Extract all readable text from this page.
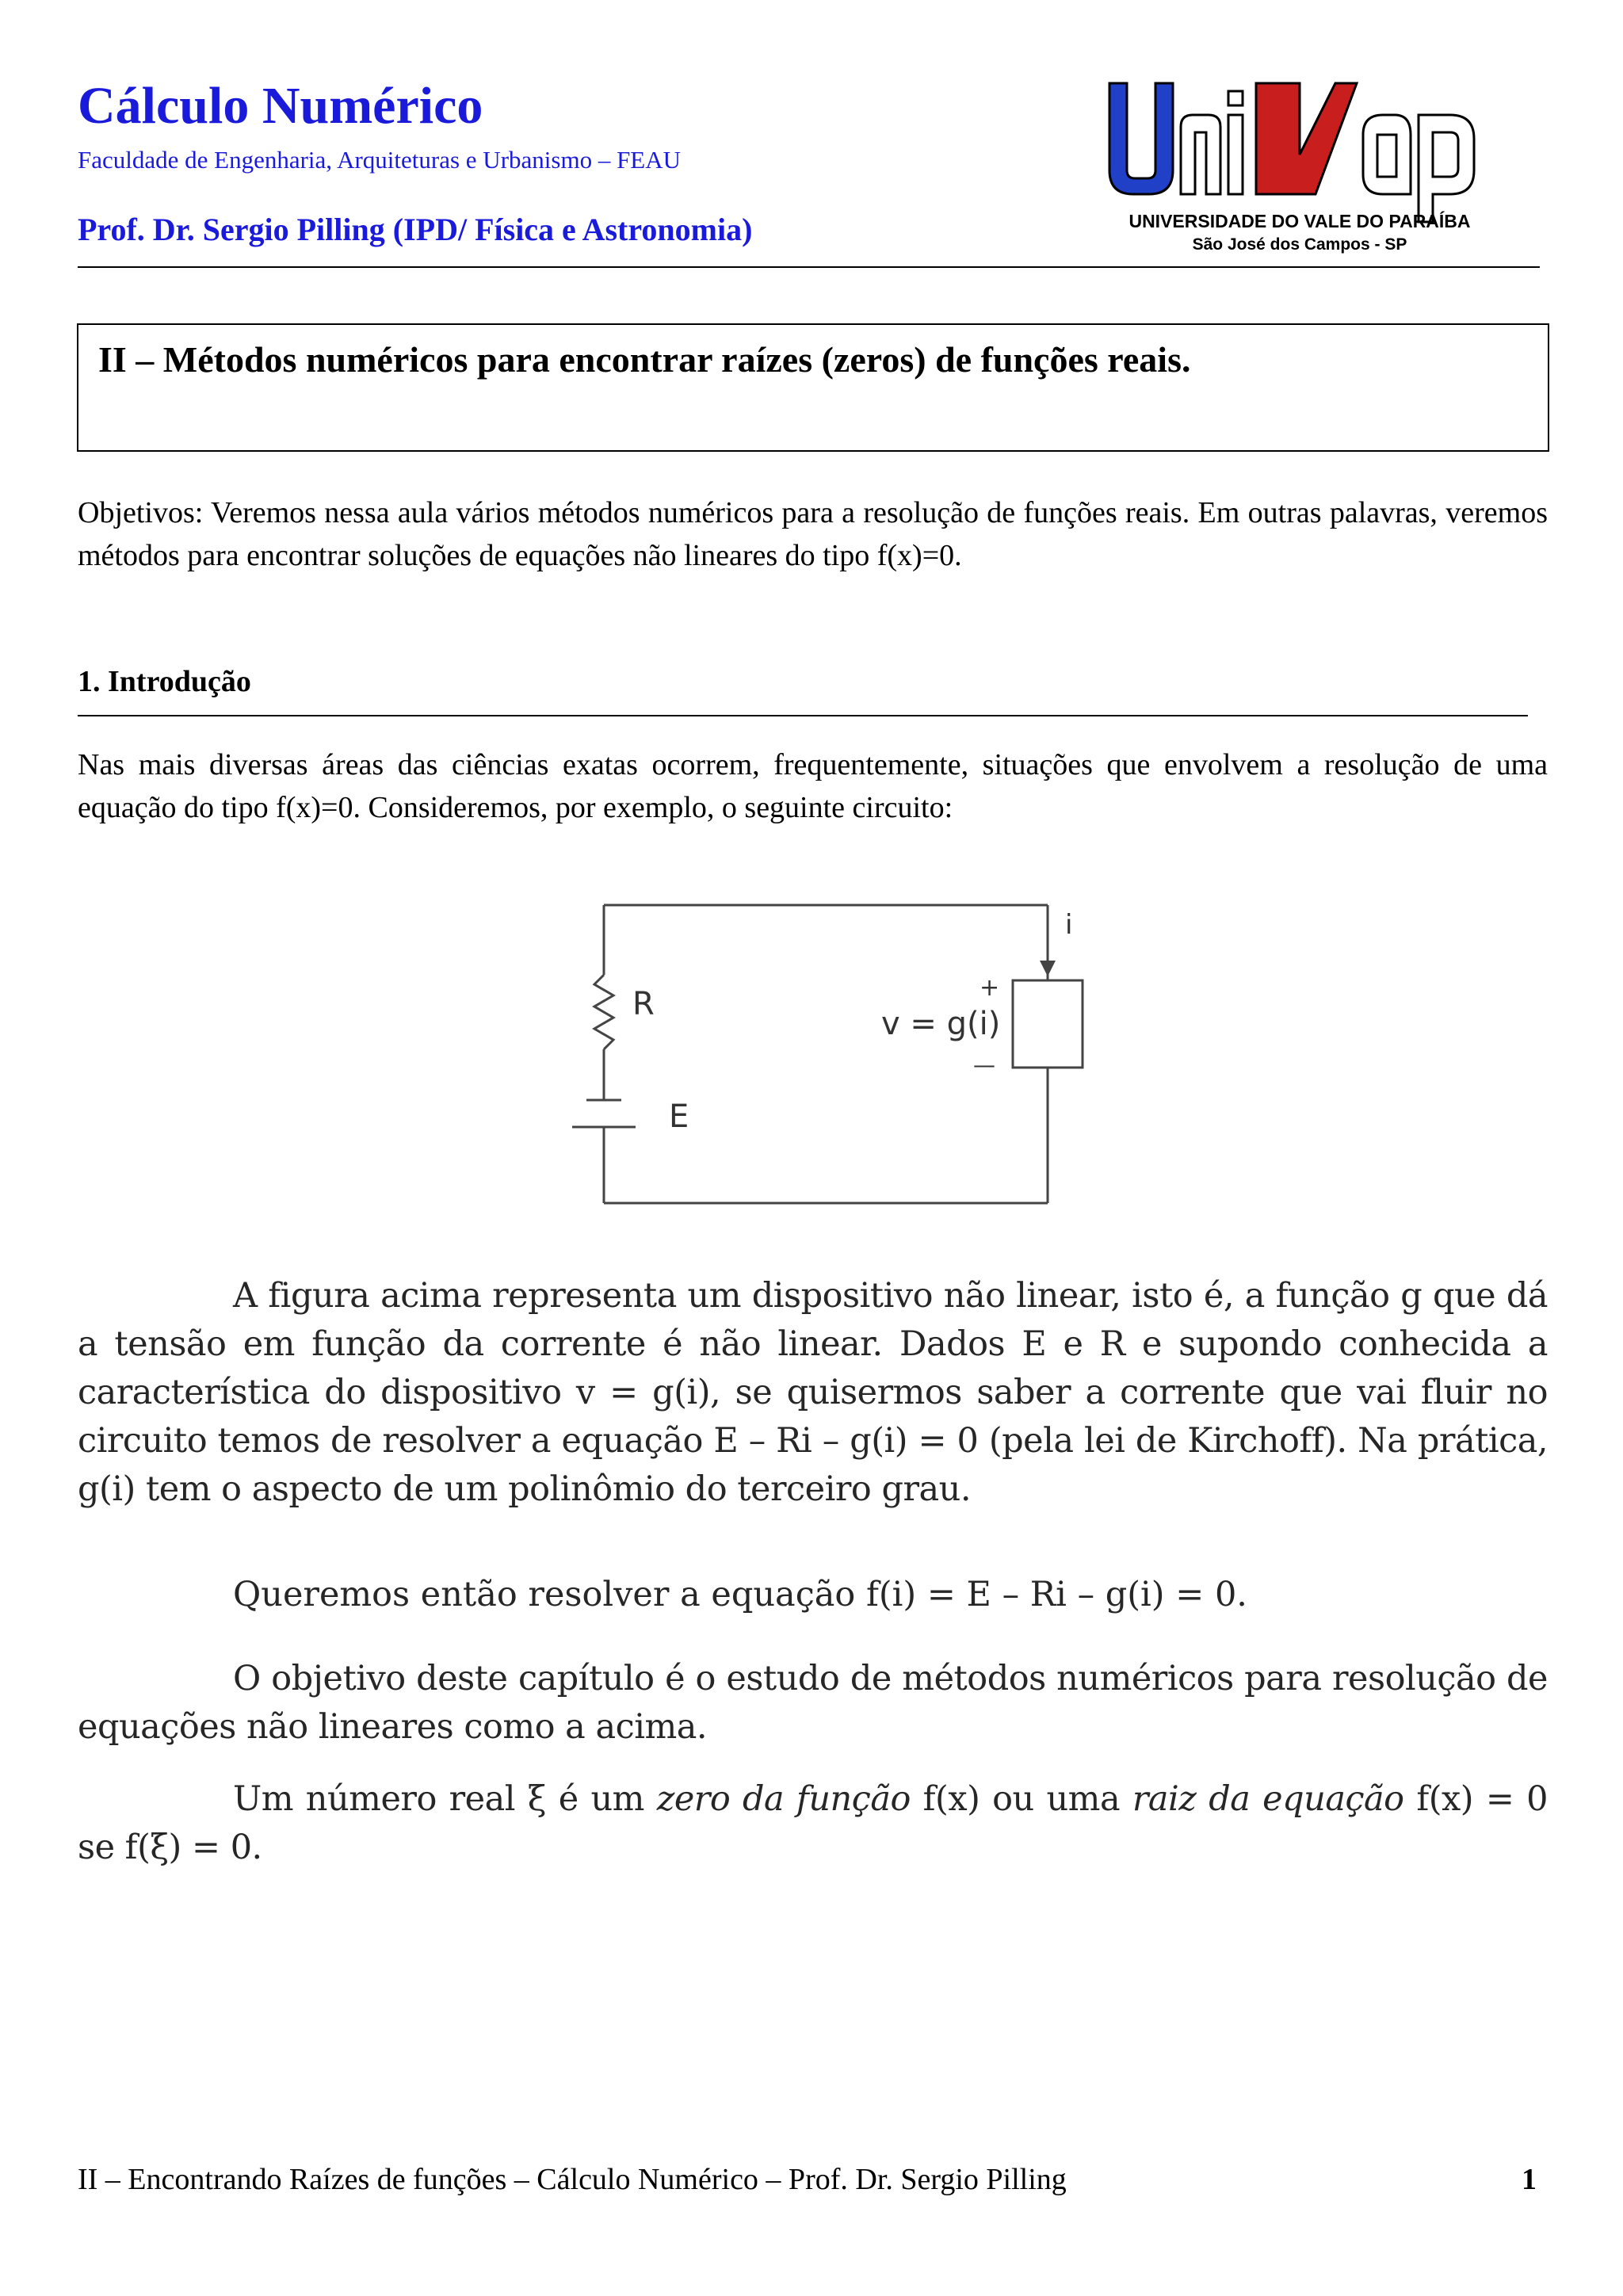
Cálculo Numérico
Faculdade de Engenharia, Arquiteturas e Urbanismo – FEAU
Prof. Dr. Sergio Pilling (IPD/ Física e Astronomia)	UNIVERSIDADE DO VALE DO PARAÍBA
São José dos Campos - SP
II – Métodos numéricos para encontrar raízes (zeros) de funções reais.
Objetivos: Veremos nessa aula vários métodos numéricos para a resolução de funções reais. Em outras palavras, veremos métodos para encontrar soluções de equações não lineares do tipo f(x)=0.
1. Introdução
Nas mais diversas áreas das ciências exatas ocorrem, frequentemente, situações que envolvem a resolução de uma equação do tipo f(x)=0. Consideremos, por exemplo, o seguinte circuito:
R
E
i
+
—
v = g(i)
A figura acima representa um dispositivo não linear, isto é, a função g que dá a tensão em função da corrente é não linear. Dados E e R e supondo conhecida a característica do dispositivo v = g(i), se quisermos saber a corrente que vai fluir no circuito temos de resolver a equação E – Ri – g(i) = 0 (pela lei de Kirchoff). Na prática, g(i) tem o aspecto de um polinômio do terceiro grau.
Queremos então resolver a equação f(i) = E – Ri – g(i) = 0.
O objetivo deste capítulo é o estudo de métodos numéricos para resolução de equações não lineares como a acima.
Um número real ξ é um zero da função f(x) ou uma raiz da equação f(x) = 0 se f(ξ) = 0.
II – Encontrando Raízes de funções – Cálculo Numérico – Prof. Dr. Sergio Pilling	1
